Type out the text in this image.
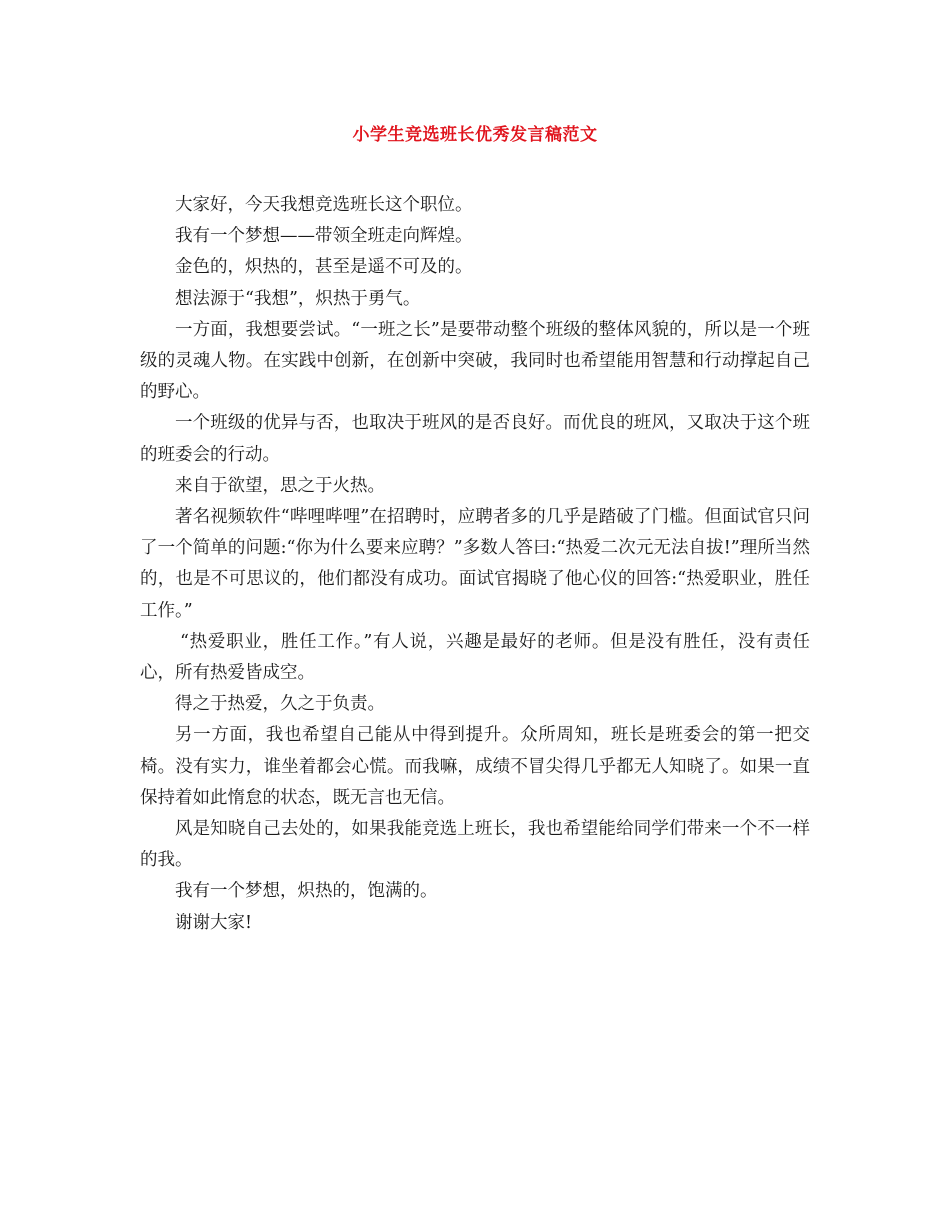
小学生竞选班长优秀发言稿范文

大家好，今天我想竞选班长这个职位。

我有一个梦想——带领全班走向辉煌。

金色的，炽热的，甚至是遥不可及的。

想法源于“我想”，炽热于勇气。

一方面，我想要尝试。“一班之长”是要带动整个班级的整体风貌的，所以是一个班级的灵魂人物。在实践中创新，在创新中突破，我同时也希望能用智慧和行动撑起自己的野心。

一个班级的优异与否，也取决于班风的是否良好。而优良的班风，又取决于这个班的班委会的行动。

来自于欲望，思之于火热。

著名视频软件“哔哩哔哩”在招聘时，应聘者多的几乎是踏破了门槛。但面试官只问了一个简单的问题:“你为什么要来应聘？”多数人答曰:“热爱二次元无法自拔!”理所当然的，也是不可思议的，他们都没有成功。面试官揭晓了他心仪的回答:“热爱职业，胜任工作。”

“热爱职业，胜任工作。”有人说，兴趣是最好的老师。但是没有胜任，没有责任心，所有热爱皆成空。

得之于热爱，久之于负责。

另一方面，我也希望自己能从中得到提升。众所周知，班长是班委会的第一把交椅。没有实力，谁坐着都会心慌。而我嘛，成绩不冒尖得几乎都无人知晓了。如果一直保持着如此惰怠的状态，既无言也无信。

风是知晓自己去处的，如果我能竞选上班长，我也希望能给同学们带来一个不一样的我。

我有一个梦想，炽热的，饱满的。

谢谢大家!
